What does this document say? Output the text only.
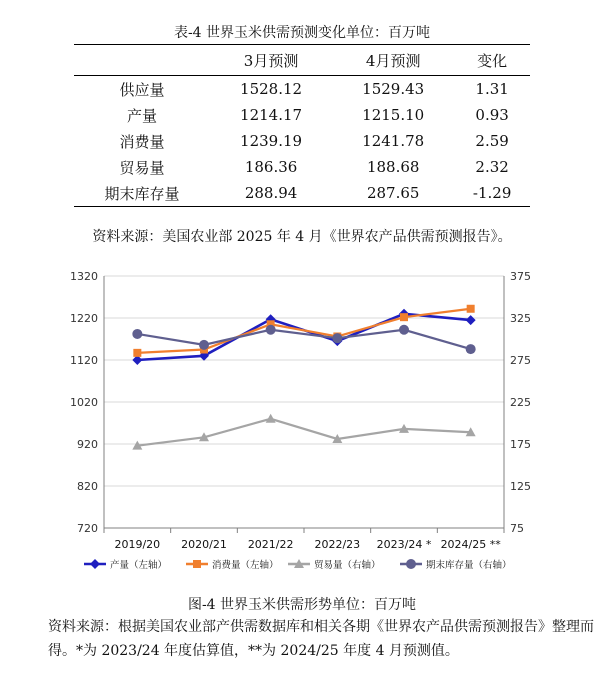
表-4 世界玉米供需预测变化单位：百万吨
	3月预测	4月预测	变化
供应量	1528.12	1529.43	1.31
产量	1214.17	1215.10	0.93
消费量	1239.19	1241.78	2.59
贸易量	186.36	188.68	2.32
期末库存量	288.94	287.65	-1.29
资料来源：美国农业部 2025 年 4 月《世界农产品供需预测报告》。
1320
1220
1120
1020
920
820
720
375
325
275
225
175
125
75
2019/20 2020/21 2021/22 2022/23 2023/24 * 2024/25 **
产量（左轴）	消费量（左轴）	贸易量（右轴）	期末库存量（右轴）
图-4 世界玉米供需形势单位：百万吨
资料来源：根据美国农业部产供需数据库和相关各期《世界农产品供需预测报告》整理而得。*为 2023/24 年度估算值，**为 2024/25 年度 4 月预测值。
